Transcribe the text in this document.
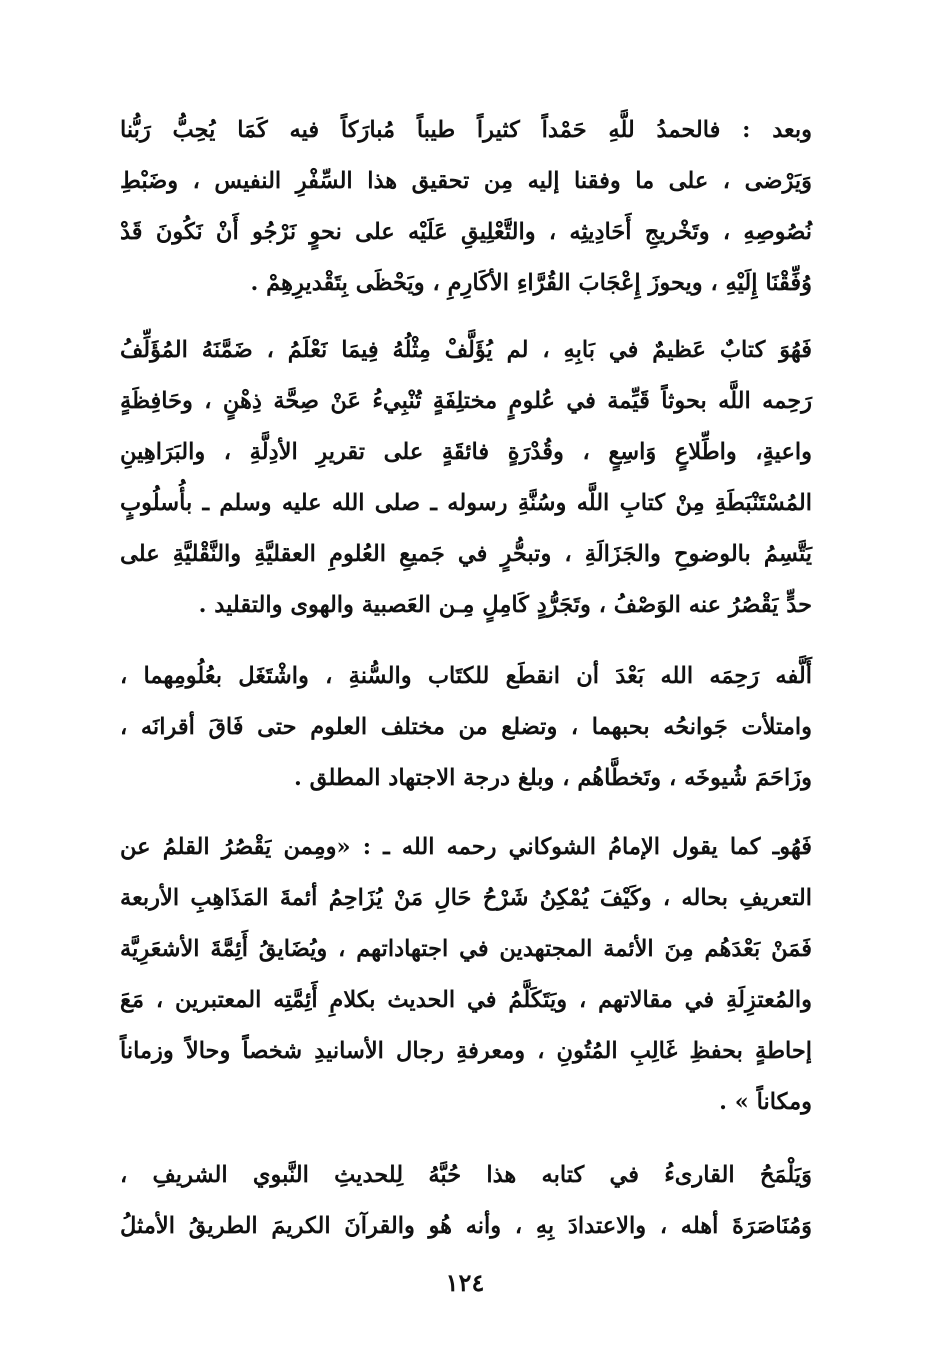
وبعد : فالحمدُ للَّهِ حَمْداً كثيراً طيباً مُبارَكاً فيه كَمَا يُحِبُّ رَبُّنا
وَيَرْضى ، على ما وفقنا إليه مِن تحقيق هذا السِّفْرِ النفيس ، وضَبْطِ
نُصُوصِهِ ، وتَخْريجِ أَحَادِيثِه ، والتَّعْلِيقِ عَلَيْه على نحوٍ نَرْجُو أَنْ نَكُونَ قَدْ
وُفِّقْنَا إِلَيْهِ ، ويحوزَ إِعْجَابَ القُرَّاءِ الأكَارِمِ ، ويَحْظَى بِتَقْديرِهِمْ .
فَهُوَ كتابٌ عَظيمٌ في بَابِهِ ، لم يُؤَلَّفْ مِثْلُهُ فِيمَا نَعْلَمُ ، ضَمَّنَهُ المُؤَلِّفُ
رَحِمه اللَّه بحوثاً قَيِّمة في عُلومٍ مختلِفَةٍ تُنْبِيءُ عَنْ صِحَّة ذِهْنٍ ، وحَافِظَةٍ
واعيةٍ، واطِّلاعٍ وَاسِعٍ ، وقُدْرَةٍ فائقَةٍ على تقريرِ الأدِلَّةِ ، والبَرَاهِينِ
المُسْتَنْبَطَةِ مِنْ كتابِ اللَّه وسُنَّةِ رسوله ـ صلى الله عليه وسلم ـ بأُسلُوبٍ
يَتَّسِمُ بالوضوحِ والجَزَالَةِ ، وتبحُّرٍ في جَميعِ العُلومِ العقليَّةِ والنَّقْليَّةِ على
حدٍّ يَقْصُرُ عنه الوَصْفُ ، وتَجَرُّدٍ كَامِلٍ مِـن العَصبية والهوى والتقليد .
أَلَّفه رَحِمَه الله بَعْدَ أن انقطَع للكتَاب والسُّنةِ ، واشْتَغَل بعُلُومِهما ،
وامتلأت جَوانحُه بحبهما ، وتضلع من مختلف العلوم حتى فَاقَ أقرانَه ،
وزَاحَمَ شُيوخَه ، وتَخطَّاهُم ، وبلغ درجة الاجتهاد المطلق .
فَهُوـ كما يقول الإمامُ الشوكاني رحمه الله ـ : «ومِمن يَقْصُرُ القلمُ عن
التعريفِ بحاله ، وكَيْفَ يُمْكِنُ شَرْحُ حَالِ مَنْ يُزَاحِمُ أئمةَ المَذَاهِبِ الأربعة
فَمَنْ بَعْدَهُم مِنَ الأئمة المجتهدين في اجتهاداتهم ، ويُضَايقُ أَئِمَّةَ الأشعَرِيَّة
والمُعتزِلَةِ في مقالاتهم ، ويَتَكَلَّمُ في الحديث بكلامِ أَئِمَّتِه المعتبرين ، مَعَ
إحاطةٍ بحفظِ غَالِبِ المُتُونِ ، ومعرفةِ رجال الأسانيدِ شخصاً وحالاً وزماناً
ومكاناً » .
وَيَلْمَحُ القارىءُ في كتابه هذا حُبَّهُ لِلحديثِ النَّبوي الشريفِ ،
وَمُنَاصَرَةَ أهله ، والاعتدادَ بِهِ ، وأنه هُو والقرآنَ الكريمَ الطريقُ الأمثلُ
١٢٤
